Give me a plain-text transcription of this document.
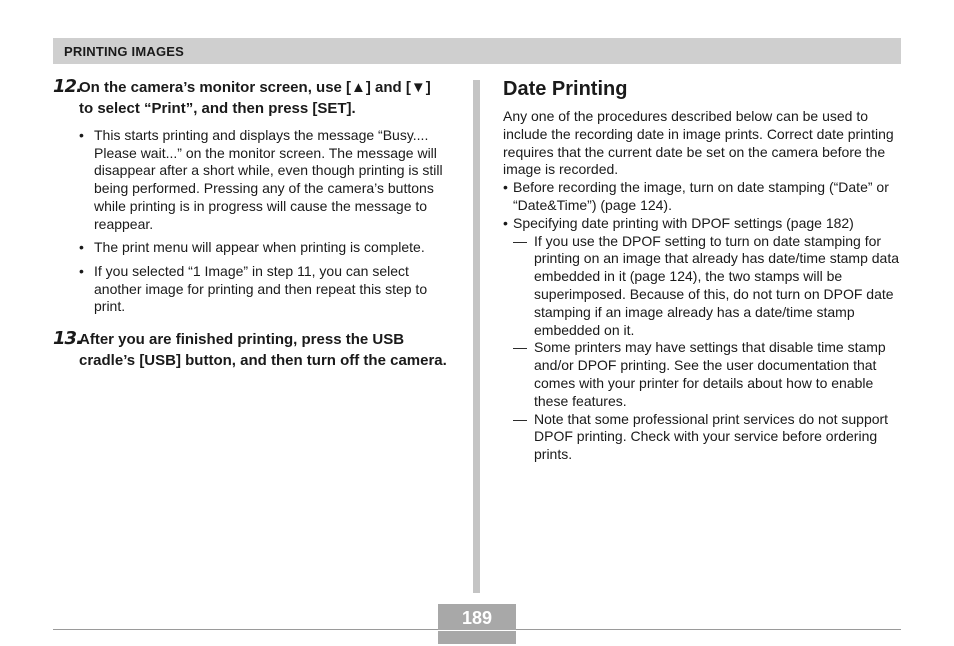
PRINTING IMAGES
12.
On the camera’s monitor screen, use [▲] and [▼] to select “Print”, and then press [SET].
• This starts printing and displays the message “Busy.... Please wait...” on the monitor screen. The message will disappear after a short while, even though printing is still being performed. Pressing any of the camera’s buttons while printing is in progress will cause the message to reappear.
• The print menu will appear when printing is complete.
• If you selected “1 Image” in step 11, you can select another image for printing and then repeat this step to print.
13.
After you are finished printing, press the USB cradle’s [USB] button, and then turn off the camera.
Date Printing

Any one of the procedures described below can be used to include the recording date in image prints. Correct date printing requires that the current date be set on the camera before the image is recorded.

• Before recording the image, turn on date stamping (“Date” or “Date&Time”) (page 124).
• Specifying date printing with DPOF settings (page 182)
— If you use the DPOF setting to turn on date stamping for printing on an image that already has date/time stamp data embedded in it (page 124), the two stamps will be superimposed. Because of this, do not turn on DPOF date stamping if an image already has a date/time stamp embedded on it.
— Some printers may have settings that disable time stamp and/or DPOF printing. See the user documentation that comes with your printer for details about how to enable these features.
— Note that some professional print services do not support DPOF printing. Check with your service before ordering prints.
189
